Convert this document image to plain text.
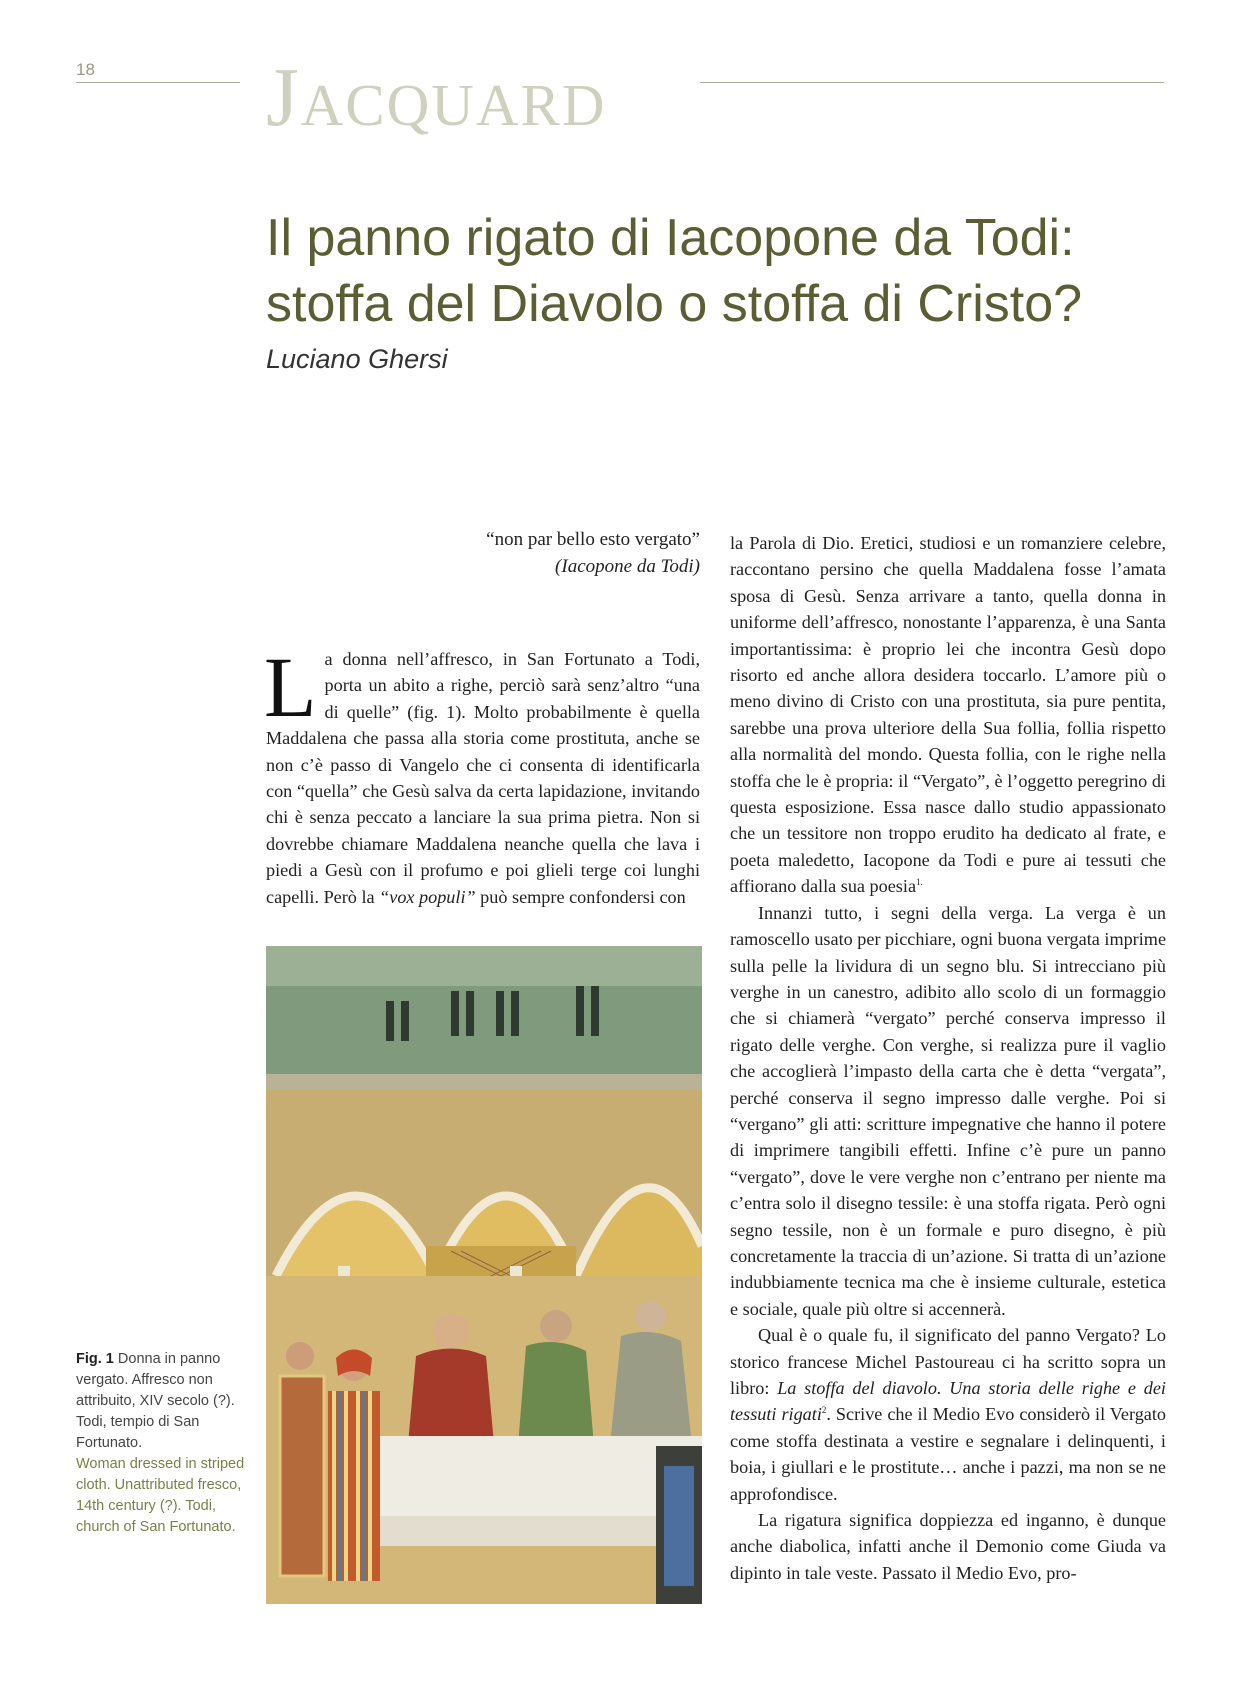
18 Jacquard
Il panno rigato di Iacopone da Todi: stoffa del Diavolo o stoffa di Cristo?
Luciano Ghersi
“non par bello esto vergato”
(Iacopone da Todi)

La donna nell’affresco, in San Fortunato a Todi, porta un abito a righe, perciò sarà senz’altro “una di quelle” (fig. 1). Molto probabilmente è quella Maddalena che passa alla storia come prostituta, anche se non c’è passo di Vangelo che ci consenta di identificarla con “quella” che Gesù salva da certa lapidazione, invitando chi è senza peccato a lanciare la sua prima pietra. Non si dovrebbe chiamare Maddalena neanche quella che lava i piedi a Gesù con il profumo e poi glieli terge coi lunghi capelli. Però la “vox populi” può sempre confondersi con

Fig. 1 Donna in panno vergato. Affresco non attribuito, XIV secolo (?). Todi, tempio di San Fortunato.
Woman dressed in striped cloth. Unattributed fresco, 14th century (?). Todi, church of San Fortunato.

la Parola di Dio. Eretici, studiosi e un romanziere celebre, raccontano persino che quella Maddalena fosse l’amata sposa di Gesù. Senza arrivare a tanto, quella donna in uniforme dell’affresco, nonostante l’apparenza, è una Santa importantissima: è proprio lei che incontra Gesù dopo risorto ed anche allora desidera toccarlo. L’amore più o meno divino di Cristo con una prostituta, sia pure pentita, sarebbe una prova ulteriore della Sua follia, follia rispetto alla normalità del mondo. Questa follia, con le righe nella stoffa che le è propria: il “Vergato”, è l’oggetto peregrino di questa esposizione. Essa nasce dallo studio appassionato che un tessitore non troppo erudito ha dedicato al frate, e poeta maledetto, Iacopone da Todi e pure ai tessuti che affiorano dalla sua poesia$^{1.}$

Innanzi tutto, i segni della verga. La verga è un ramoscello usato per picchiare, ogni buona vergata imprime sulla pelle la lividura di un segno blu. Si intrecciano più verghe in un canestro, adibito allo scolo di un formaggio che si chiamerà “vergato” perché conserva impresso il rigato delle verghe. Con verghe, si realizza pure il vaglio che accoglierà l’impasto della carta che è detta “vergata”, perché conserva il segno impresso dalle verghe. Poi si “vergano” gli atti: scritture impegnative che hanno il potere di imprimere tangibili effetti. Infine c’è pure un panno “vergato”, dove le vere verghe non c’entrano per niente ma c’entra solo il disegno tessile: è una stoffa rigata. Però ogni segno tessile, non è un formale e puro disegno, è più concretamente la traccia di un’azione. Si tratta di un’azione indubbiamente tecnica ma che è insieme culturale, estetica e sociale, quale più oltre si accennerà.

Qual è o quale fu, il significato del panno Vergato? Lo storico francese Michel Pastoureau ci ha scritto sopra un libro: La stoffa del diavolo. Una storia delle righe e dei tessuti rigati$^2$. Scrive che il Medio Evo considerò il Vergato come stoffa destinata a vestire e segnalare i delinquenti, i boia, i giullari e le prostitute… anche i pazzi, ma non se ne approfondisce.

La rigatura significa doppiezza ed inganno, è dunque anche diabolica, infatti anche il Demonio come Giuda va dipinto in tale veste. Passato il Medio Evo, pro-
